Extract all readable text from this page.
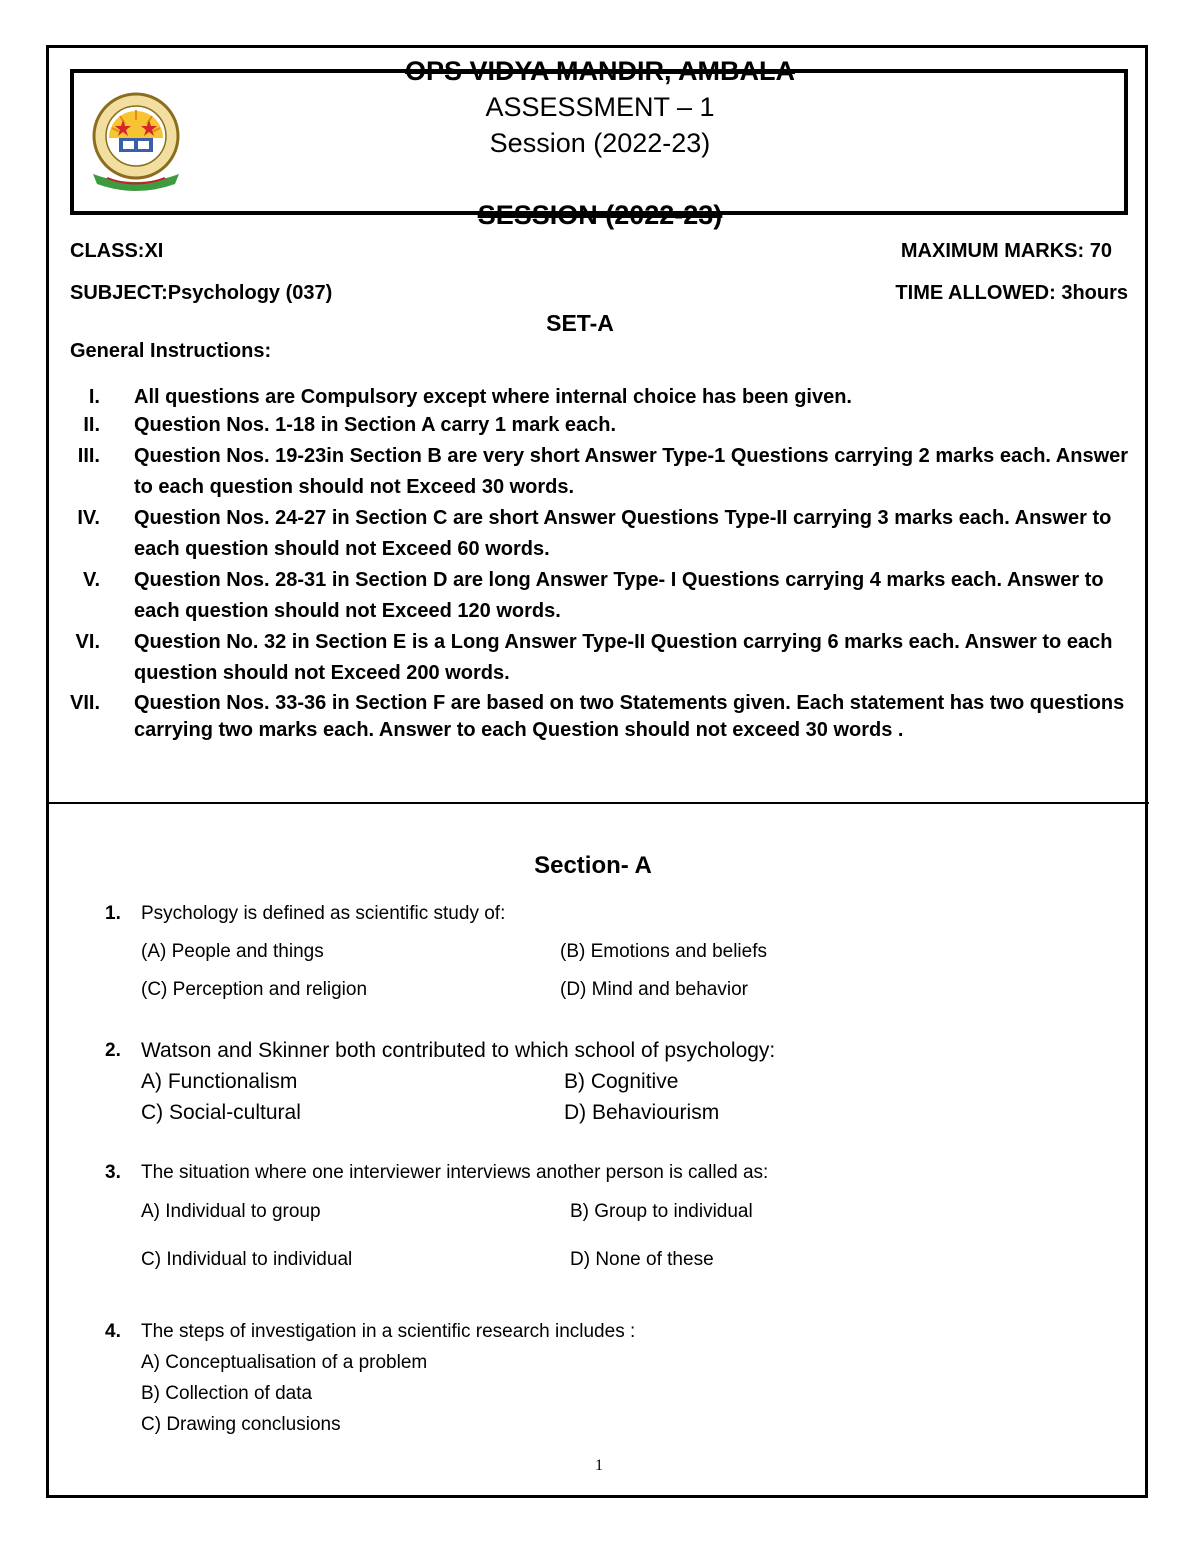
OPS VIDYA MANDIR, AMBALA
ASSESSMENT – 1
Session (2022-23)
SESSION (2022-23)
CLASS:XI	MAXIMUM MARKS: 70
SUBJECT:Psychology (037)	TIME ALLOWED: 3hours
SET-A
General Instructions:
I. All questions are Compulsory except where internal choice has been given.
II. Question Nos. 1-18 in Section A carry 1 mark each.
III. Question Nos. 19-23in Section B are very short Answer Type-1 Questions carrying 2 marks each. Answer to each question should not Exceed 30 words.
IV. Question Nos. 24-27 in Section C are short Answer Questions Type-II carrying 3 marks each. Answer to each question should not Exceed 60 words.
V. Question Nos. 28-31 in Section D are long Answer Type- I Questions carrying 4 marks each. Answer to each question should not Exceed 120 words.
VI. Question No. 32 in Section E is a Long Answer Type-II Question carrying 6 marks each. Answer to each question should not Exceed 200 words.
VII. Question Nos. 33-36 in Section F are based on two Statements given. Each statement has two questions carrying two marks each. Answer to each Question should not exceed 30 words .
Section- A
1. Psychology is defined as scientific study of:
(A) People and things	(B) Emotions and beliefs
(C) Perception and religion	(D) Mind and behavior
2. Watson and Skinner both contributed to which school of psychology:
A) Functionalism	B) Cognitive
C) Social-cultural	D) Behaviourism
3. The situation where one interviewer interviews another person is called as:
A) Individual to group	B) Group to individual
C) Individual to individual	D) None of these
4. The steps of investigation in a scientific research includes :
A) Conceptualisation of a problem
B) Collection of data
C) Drawing conclusions
1
